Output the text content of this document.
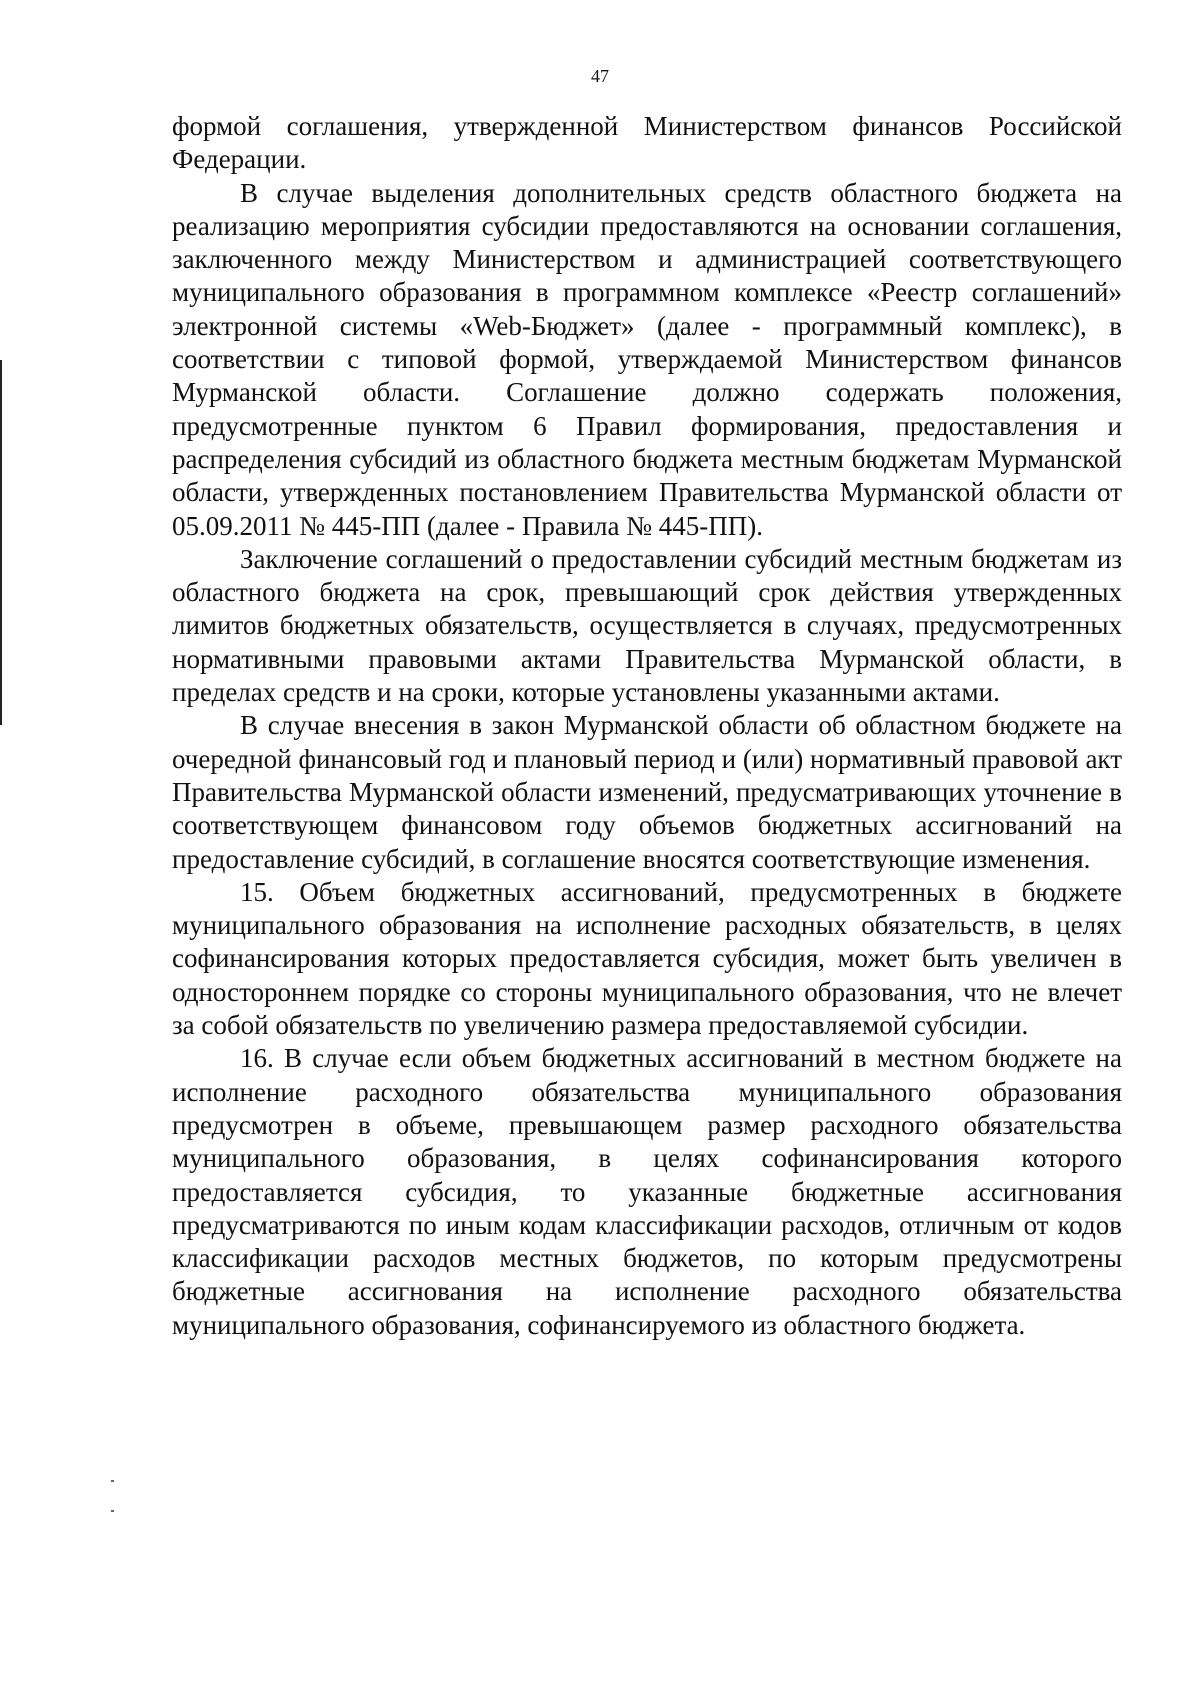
47

формой соглашения, утвержденной Министерством финансов Российской Федерации.

В случае выделения дополнительных средств областного бюджета на реализацию мероприятия субсидии предоставляются на основании соглашения, заключенного между Министерством и администрацией соответствующего муниципального образования в программном комплексе «Реестр соглашений» электронной системы «Web-Бюджет» (далее - программный комплекс), в соответствии с типовой формой, утверждаемой Министерством финансов Мурманской области. Соглашение должно содержать положения, предусмотренные пунктом 6 Правил формирования, предоставления и распределения субсидий из областного бюджета местным бюджетам Мурманской области, утвержденных постановлением Правительства Мурманской области от 05.09.2011 № 445-ПП (далее - Правила № 445-ПП).

Заключение соглашений о предоставлении субсидий местным бюджетам из областного бюджета на срок, превышающий срок действия утвержденных лимитов бюджетных обязательств, осуществляется в случаях, предусмотренных нормативными правовыми актами Правительства Мурманской области, в пределах средств и на сроки, которые установлены указанными актами.

В случае внесения в закон Мурманской области об областном бюджете на очередной финансовый год и плановый период и (или) нормативный правовой акт Правительства Мурманской области изменений, предусматривающих уточнение в соответствующем финансовом году объемов бюджетных ассигнований на предоставление субсидий, в соглашение вносятся соответствующие изменения.

15. Объем бюджетных ассигнований, предусмотренных в бюджете муниципального образования на исполнение расходных обязательств, в целях софинансирования которых предоставляется субсидия, может быть увеличен в одностороннем порядке со стороны муниципального образования, что не влечет за собой обязательств по увеличению размера предоставляемой субсидии.

16. В случае если объем бюджетных ассигнований в местном бюджете на исполнение расходного обязательства муниципального образования предусмотрен в объеме, превышающем размер расходного обязательства муниципального образования, в целях софинансирования которого предоставляется субсидия, то указанные бюджетные ассигнования предусматриваются по иным кодам классификации расходов, отличным от кодов классификации расходов местных бюджетов, по которым предусмотрены бюджетные ассигнования на исполнение расходного обязательства муниципального образования, софинансируемого из областного бюджета.
